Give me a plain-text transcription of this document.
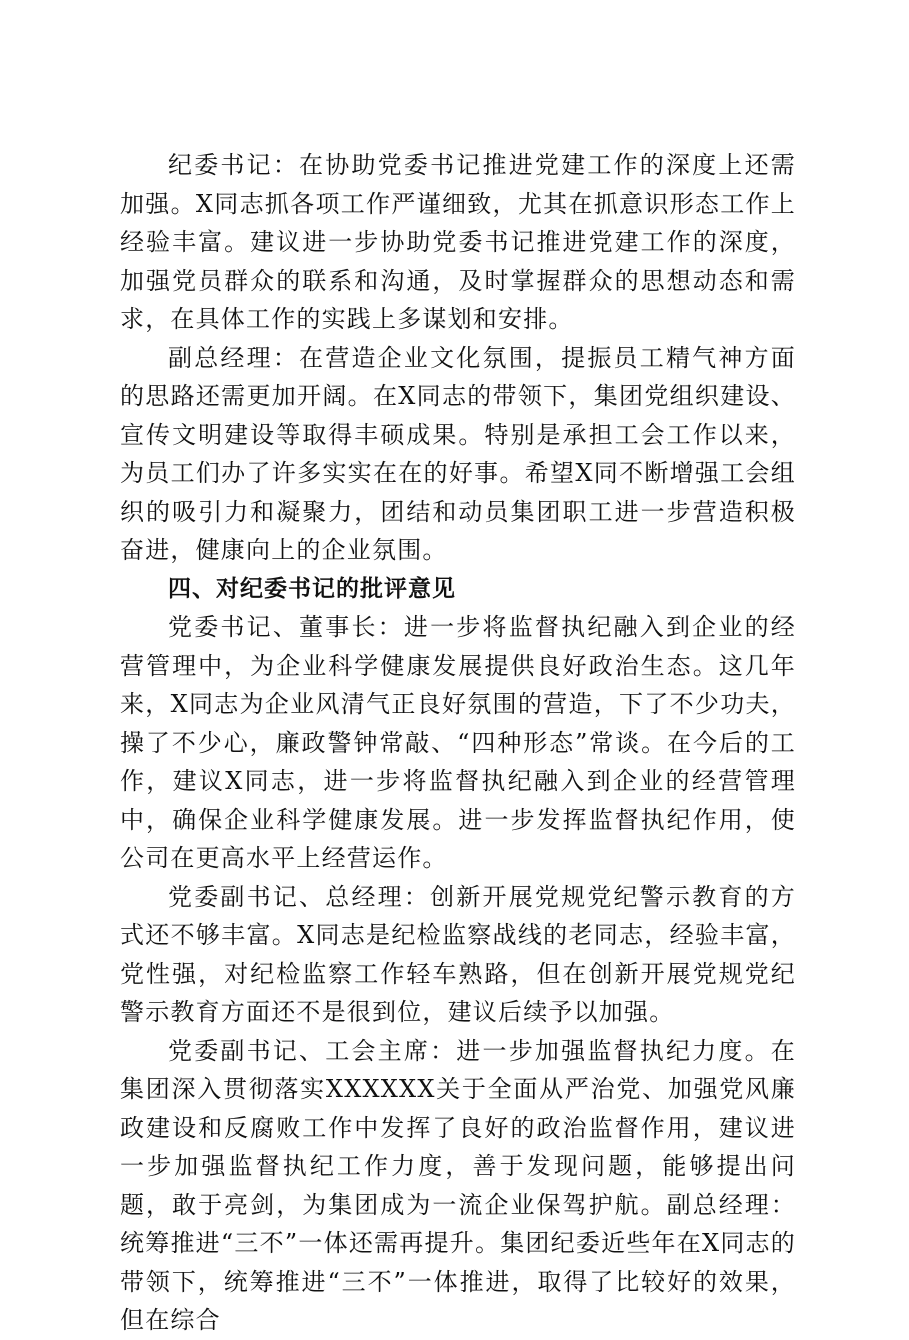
纪委书记：在协助党委书记推进党建工作的深度上还需加强。X同志抓各项工作严谨细致，尤其在抓意识形态工作上经验丰富。建议进一步协助党委书记推进党建工作的深度，加强党员群众的联系和沟通，及时掌握群众的思想动态和需求，在具体工作的实践上多谋划和安排。

副总经理：在营造企业文化氛围，提振员工精气神方面的思路还需更加开阔。在X同志的带领下，集团党组织建设、宣传文明建设等取得丰硕成果。特别是承担工会工作以来，为员工们办了许多实实在在的好事。希望X同不断增强工会组织的吸引力和凝聚力，团结和动员集团职工进一步营造积极奋进，健康向上的企业氛围。

四、对纪委书记的批评意见

党委书记、董事长：进一步将监督执纪融入到企业的经营管理中，为企业科学健康发展提供良好政治生态。这几年来，X同志为企业风清气正良好氛围的营造，下了不少功夫，操了不少心，廉政警钟常敲、“四种形态”常谈。在今后的工作，建议X同志，进一步将监督执纪融入到企业的经营管理中，确保企业科学健康发展。进一步发挥监督执纪作用，使公司在更高水平上经营运作。

党委副书记、总经理：创新开展党规党纪警示教育的方式还不够丰富。X同志是纪检监察战线的老同志，经验丰富，党性强，对纪检监察工作轻车熟路，但在创新开展党规党纪警示教育方面还不是很到位，建议后续予以加强。

党委副书记、工会主席：进一步加强监督执纪力度。在集团深入贯彻落实XXXXXX关于全面从严治党、加强党风廉政建设和反腐败工作中发挥了良好的政治监督作用，建议进一步加强监督执纪工作力度，善于发现问题，能够提出问题，敢于亮剑，为集团成为一流企业保驾护航。副总经理：统筹推进“三不”一体还需再提升。集团纪委近些年在X同志的带领下，统筹推进“三不”一体推进，取得了比较好的效果，但在综合
